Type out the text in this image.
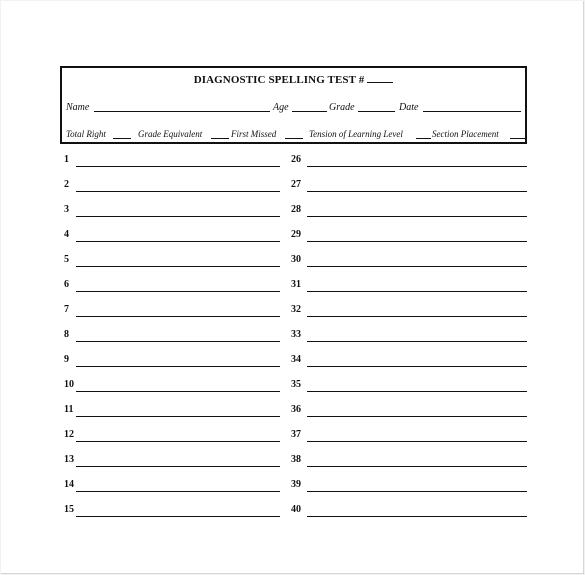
DIAGNOSTIC SPELLING TEST #
Name	Age	Grade	Date
Total Right	Grade Equivalent	First Missed	Tension of Learning Level	Section Placement
1
2
3
4
5
6
7
8
9
10
11
12
13
14
15
26
27
28
29
30
31
32
33
34
35
36
37
38
39
40
